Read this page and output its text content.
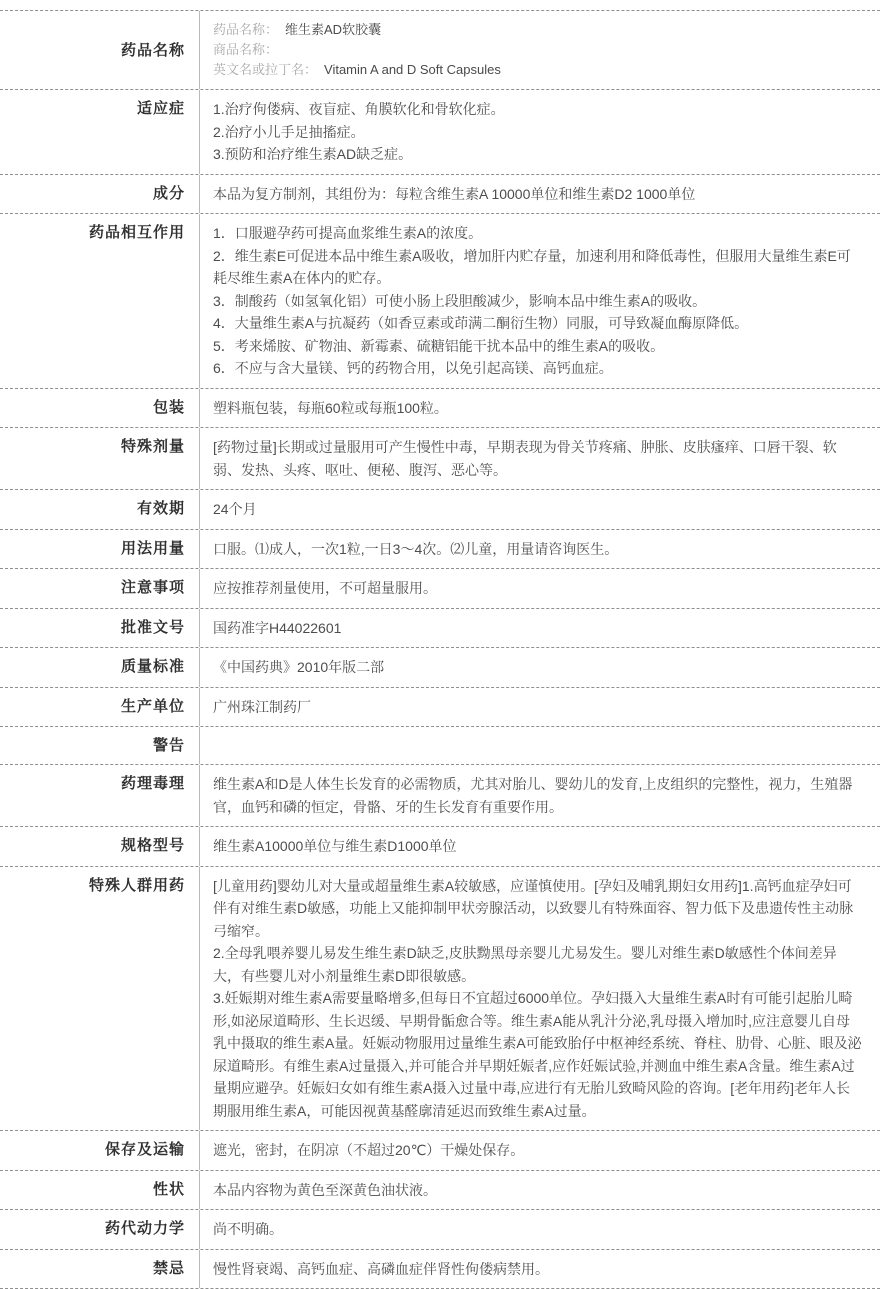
药品名称
药品名称： 维生素AD软胶囊
商品名称：
英文名或拉丁名： Vitamin A and D Soft Capsules
适应症	1.治疗佝偻病、夜盲症、角膜软化和骨软化症。
2.治疗小儿手足抽搐症。
3.预防和治疗维生素AD缺乏症。
成分	本品为复方制剂，其组份为：每粒含维生素A 10000单位和维生素D2 1000单位
药品相互作用	1．口服避孕药可提高血浆维生素A的浓度。
2．维生素E可促进本品中维生素A吸收，增加肝内贮存量，加速利用和降低毒性，但服用大量维生素E可耗尽维生素A在体内的贮存。
3．制酸药（如氢氧化铝）可使小肠上段胆酸减少，影响本品中维生素A的吸收。
4．大量维生素A与抗凝药（如香豆素或茚满二酮衍生物）同服，可导致凝血酶原降低。
5．考来烯胺、矿物油、新霉素、硫糖铝能干扰本品中的维生素A的吸收。
6．不应与含大量镁、钙的药物合用，以免引起高镁、高钙血症。
包装	塑料瓶包装，每瓶60粒或每瓶100粒。
特殊剂量	[药物过量]长期或过量服用可产生慢性中毒，早期表现为骨关节疼痛、肿胀、皮肤瘙痒、口唇干裂、软弱、发热、头疼、呕吐、便秘、腹泻、恶心等。
有效期	24个月
用法用量	口服。⑴成人，一次1粒,一日3～4次。⑵儿童，用量请咨询医生。
注意事项	应按推荐剂量使用，不可超量服用。
批准文号	国药准字H44022601
质量标准	《中国药典》2010年版二部
生产单位	广州珠江制药厂
警告
药理毒理	维生素A和D是人体生长发育的必需物质，尤其对胎儿、婴幼儿的发育,上皮组织的完整性，视力，生殖器官，血钙和磷的恒定，骨骼、牙的生长发育有重要作用。
规格型号	维生素A10000单位与维生素D1000单位
特殊人群用药	[儿童用药]婴幼儿对大量或超量维生素A较敏感，应谨慎使用。[孕妇及哺乳期妇女用药]1.高钙血症孕妇可伴有对维生素D敏感，功能上又能抑制甲状旁腺活动，以致婴儿有特殊面容、智力低下及患遗传性主动脉弓缩窄。
2.全母乳喂养婴儿易发生维生素D缺乏,皮肤黝黑母亲婴儿尤易发生。婴儿对维生素D敏感性个体间差异大，有些婴儿对小剂量维生素D即很敏感。
3.妊娠期对维生素A需要量略增多,但每日不宜超过6000单位。孕妇摄入大量维生素A时有可能引起胎儿畸形,如泌尿道畸形、生长迟缓、早期骨骺愈合等。维生素A能从乳汁分泌,乳母摄入增加时,应注意婴儿自母乳中摄取的维生素A量。妊娠动物服用过量维生素A可能致胎仔中枢神经系统、脊柱、肋骨、心脏、眼及泌尿道畸形。有维生素A过量摄入,并可能合并早期妊娠者,应作妊娠试验,并测血中维生素A含量。维生素A过量期应避孕。妊娠妇女如有维生素A摄入过量中毒,应进行有无胎儿致畸风险的咨询。[老年用药]老年人长期服用维生素A，可能因视黄基醛廓清延迟而致维生素A过量。
保存及运输	遮光，密封，在阴凉（不超过20℃）干燥处保存。
性状	本品内容物为黄色至深黄色油状液。
药代动力学	尚不明确。
禁忌	慢性肾衰竭、高钙血症、高磷血症伴肾性佝偻病禁用。
